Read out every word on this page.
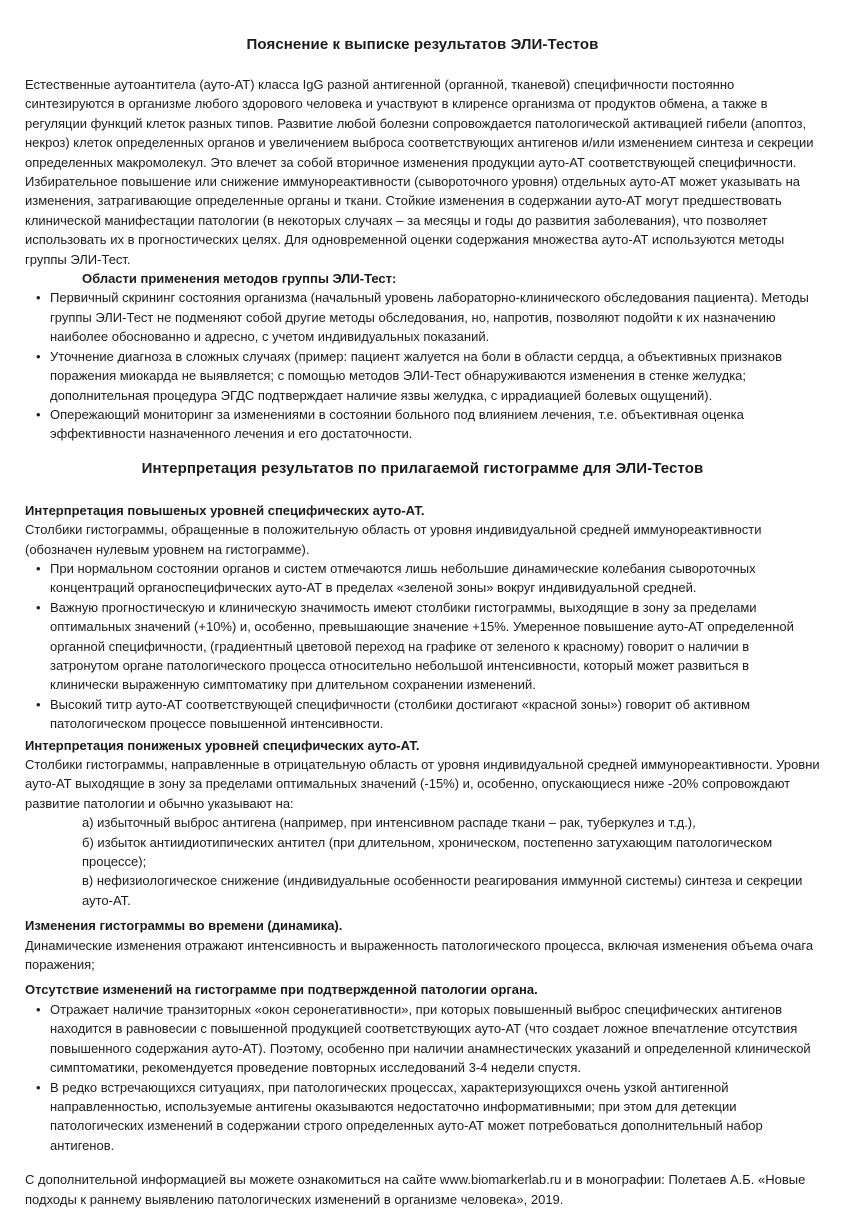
Пояснение к выписке результатов ЭЛИ-Тестов

Естественные аутоантитела (ауто-АТ) класса IgG разной антигенной (органной, тканевой) специфичности постоянно синтезируются в организме любого здорового человека и участвуют в клиренсе организма от продуктов обмена, а также в регуляции функций клеток разных типов. Развитие любой болезни сопровождается патологической активацией гибели (апоптоз, некроз) клеток определенных органов и увеличением выброса соответствующих антигенов и/или изменением синтеза и секреции определенных макромолекул. Это влечет за собой вторичное изменения продукции ауто-АТ соответствующей специфичности. Избирательное повышение или снижение иммунореактивности (сывороточного уровня) отдельных ауто-АТ может указывать на изменения, затрагивающие определенные органы и ткани. Стойкие изменения в содержании ауто-АТ могут предшествовать клинической манифестации патологии (в некоторых случаях – за месяцы и годы до развития заболевания), что позволяет использовать их в прогностических целях. Для одновременной оценки содержания множества ауто-АТ используются методы группы ЭЛИ-Тест.

Области применения методов группы ЭЛИ-Тест:
• Первичный скрининг состояния организма (начальный уровень лабораторно-клинического обследования пациента). Методы группы ЭЛИ-Тест не подменяют собой другие методы обследования, но, напротив, позволяют подойти к их назначению наиболее обоснованно и адресно, с учетом индивидуальных показаний.
• Уточнение диагноза в сложных случаях (пример: пациент жалуется на боли в области сердца, а объективных признаков поражения миокарда не выявляется; с помощью методов ЭЛИ-Тест обнаруживаются изменения в стенке желудка; дополнительная процедура ЭГДС подтверждает наличие язвы желудка, с иррадиацией болевых ощущений).
• Опережающий мониторинг за изменениями в состоянии больного под влиянием лечения, т.е. объективная оценка эффективности назначенного лечения и его достаточности.
Интерпретация результатов по прилагаемой гистограмме для ЭЛИ-Тестов
Интерпретация повышеных уровней специфических ауто-АТ.

Столбики гистограммы, обращенные в положительную область от уровня индивидуальной средней иммунореактивности (обозначен нулевым уровнем на гистограмме).

• При нормальном состоянии органов и систем отмечаются лишь небольшие динамические колебания сывороточных концентраций органоспецифических ауто-АТ в пределах «зеленой зоны» вокруг индивидуальной средней.
• Важную прогностическую и клиническую значимость имеют столбики гистограммы, выходящие в зону за пределами оптимальных значений (+10%) и, особенно, превышающие значение +15%. Умеренное повышение ауто-АТ определенной органной специфичности, (градиентный цветовой переход на графике от зеленого к красному) говорит о наличии в затронутом органе патологического процесса относительно небольшой интенсивности, который может развиться в клинически выраженную симптоматику при длительном сохранении изменений.
• Высокий титр ауто-АТ соответствующей специфичности (столбики достигают «красной зоны») говорит об активном патологическом процессе повышенной интенсивности.
Интерпретация пониженых уровней специфических ауто-АТ.

Столбики гистограммы, направленные в отрицательную область от уровня индивидуальной средней иммунореактивности. Уровни ауто-АТ выходящие в зону за пределами оптимальных значений (-15%) и, особенно, опускающиеся ниже -20% сопровождают развитие патологии и обычно указывают на:

а) избыточный выброс антигена (например, при интенсивном распаде ткани – рак, туберкулез и т.д.),
б) избыток антиидиотипических антител (при длительном, хроническом, постепенно затухающим патологическом процессе);
в) нефизиологическое снижение (индивидуальные особенности реагирования иммунной системы) синтеза и секреции ауто-АТ.
Изменения гистограммы во времени (динамика).

Динамические изменения отражают интенсивность и выраженность патологического процесса, включая изменения объема очага поражения;

Отсутствие изменений на гистограмме при подтвержденной патологии органа.
• Отражает наличие транзиторных «окон серонегативности», при которых повышенный выброс специфических антигенов находится в равновесии с повышенной продукцией соответствующих ауто-АТ (что создает ложное впечатление отсутствия повышенного содержания ауто-АТ). Поэтому, особенно при наличии анамнестических указаний и определенной клинической симптоматики, рекомендуется проведение повторных исследований 3-4 недели спустя.
• В редко встречающихся ситуациях, при патологических процессах, характеризующихся очень узкой антигенной направленностью, используемые антигены оказываются недостаточно информативными; при этом для детекции патологических изменений в содержании строго определенных ауто-АТ может потребоваться дополнительный набор антигенов.

С дополнительной информацией вы можете ознакомиться на сайте www.biomarkerlab.ru и в монографии: Полетаев А.Б. «Новые подходы к раннему выявлению патологических изменений в организме человека», 2019.
